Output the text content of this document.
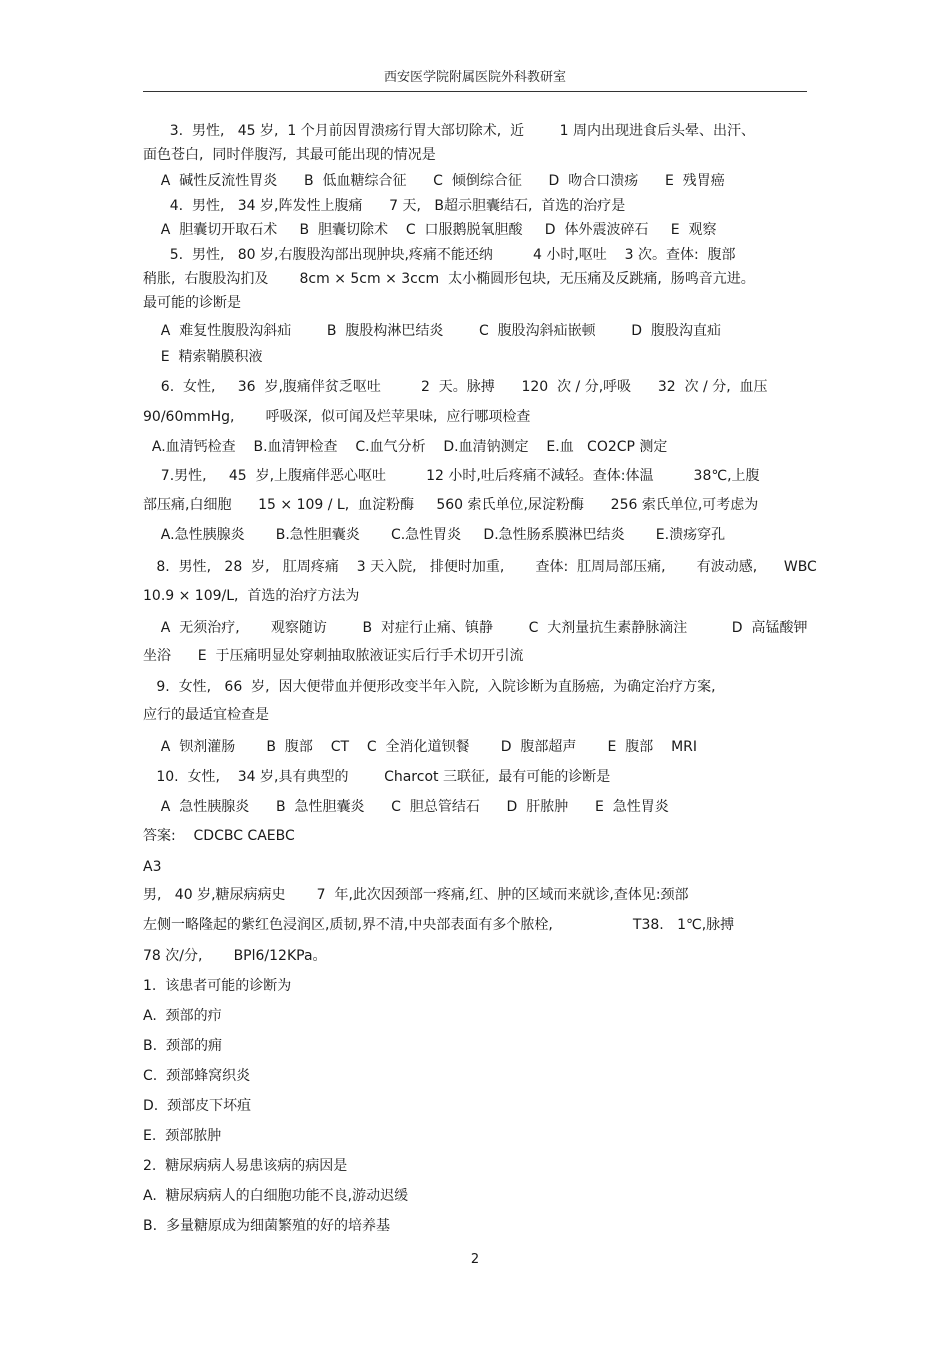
西安医学院附属医院外科教研室
3.  男性,   45 岁,  1 个月前因胃溃疡行胃大部切除术,  近        1 周内出现进食后头晕、出汗、
面色苍白,  同时伴腹泻,  其最可能出现的情况是
A  碱性反流性胃炎      B  低血糖综合征      C  倾倒综合征      D  吻合口溃疡      E  残胃癌
4.  男性,   34 岁,阵发性上腹痛      7 天,   B超示胆囊结石,  首选的治疗是
A  胆囊切开取石术     B  胆囊切除术    C  口服鹅脱氧胆酸     D  体外震波碎石     E  观察
5.  男性,   80 岁,右腹股沟部出现肿块,疼痛不能还纳         4 小时,呕吐    3 次。查体:  腹部
稍胀,  右腹股沟扪及       8cm × 5cm × 3ccm  太小椭圆形包块,  无压痛及反跳痛,  肠鸣音亢进。
最可能的诊断是
A  难复性腹股沟斜疝        B  腹股构淋巴结炎        C  腹股沟斜疝嵌顿        D  腹股沟直疝
E  精索鞘膜积液
6.  女性,     36  岁,腹痛伴贫乏呕吐         2  天。脉搏      120  次 / 分,呼吸      32  次 / 分,  血压
90/60mmHg,       呼吸深,  似可闻及烂苹果味,  应行哪项检查
A.血清钙检查    B.血清钾检查    C.血气分析    D.血清钠测定    E.血   CO2CP 测定
7.男性,     45  岁,上腹痛伴恶心呕吐         12 小时,吐后疼痛不減轻。查体:体温         38℃,上腹
部压痛,白细胞      15 × 109 / L,  血淀粉酶     560 索氏单位,尿淀粉酶      256 索氏单位,可考虑为
A.急性胰腺炎       B.急性胆囊炎       C.急性胃炎     D.急性肠系膜淋巴结炎       E.溃疡穿孔
8.  男性,   28  岁,   肛周疼痛    3 天入院,   排便时加重,       查体:  肛周局部压痛,       有波动感,      WBC
10.9 × 109/L,  首选的治疗方法为
A  无须治疗,       观察随访        B  对症行止痛、镇静        C  大剂量抗生素静脉滴注          D  高锰酸钾
坐浴      E  于压痛明显处穿刺抽取脓液证实后行手术切开引流
9.  女性,   66  岁,  因大便带血并便形改变半年入院,  入院诊断为直肠癌,  为确定治疗方案,
应行的最适宜检查是
A  钡剂灌肠       B  腹部    CT    C  全消化道钡餐       D  腹部超声       E  腹部    MRI
10.  女性,    34 岁,具有典型的        Charcot 三联征,  最有可能的诊断是
A  急性胰腺炎      B  急性胆囊炎      C  胆总管结石      D  肝脓肿      E  急性胃炎
答案:    CDCBC CAEBC
A3
男,   40 岁,糖尿病病史       7  年,此次因颈部一疼痛,红、肿的区域而来就诊,查体见:颈部
左侧一略隆起的紫红色浸润区,质韧,界不清,中央部表面有多个脓栓,                  T38.   1℃,脉搏
78 次/分,       BPl6/12KPa。
1.  该患者可能的诊断为
A.  颈部的疖
B.  颈部的痈
C.  颈部蜂窝织炎
D.  颈部皮下坏疽
E.  颈部脓肿
2.  糖尿病病人易患该病的病因是
A.  糖尿病病人的白细胞功能不良,游动迟缓
B.  多量糖原成为细菌繁殖的好的培养基
2
